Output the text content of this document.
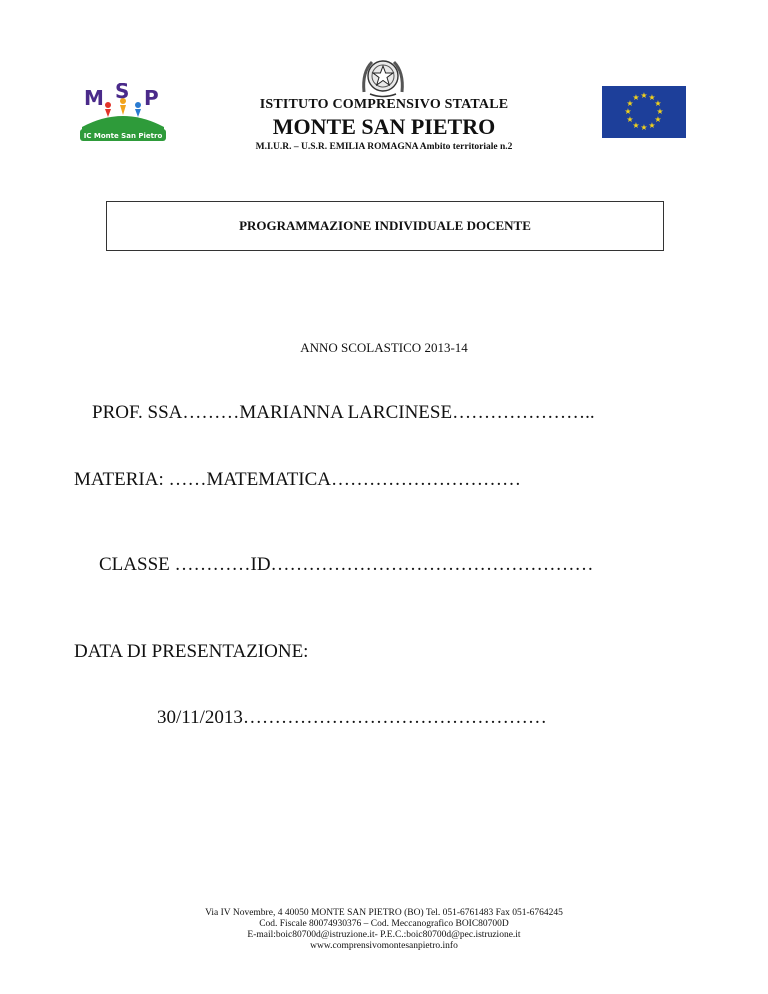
M S P
IC Monte San Pietro
★ ★
★
★
★
★
★
★
★
★
★
★
ISTITUTO COMPRENSIVO STATALE
MONTE SAN PIETRO
M.I.U.R. – U.S.R. EMILIA ROMAGNA Ambito territoriale n.2
PROGRAMMAZIONE INDIVIDUALE DOCENTE
ANNO SCOLASTICO 2013-14
PROF. SSA………MARIANNA LARCINESE…………………..
MATERIA: ……MATEMATICA…………………………
CLASSE …………ID……………………………………………
DATA DI PRESENTAZIONE:
30/11/2013…………………………………………
Via IV Novembre, 4 40050 MONTE SAN PIETRO (BO) Tel. 051-6761483 Fax 051-6764245
Cod. Fiscale 80074930376 – Cod. Meccanografico BOIC80700D
E-mail:boic80700d@istruzione.it- P.E.C.:boic80700d@pec.istruzione.it
www.comprensivomontesanpietro.info
